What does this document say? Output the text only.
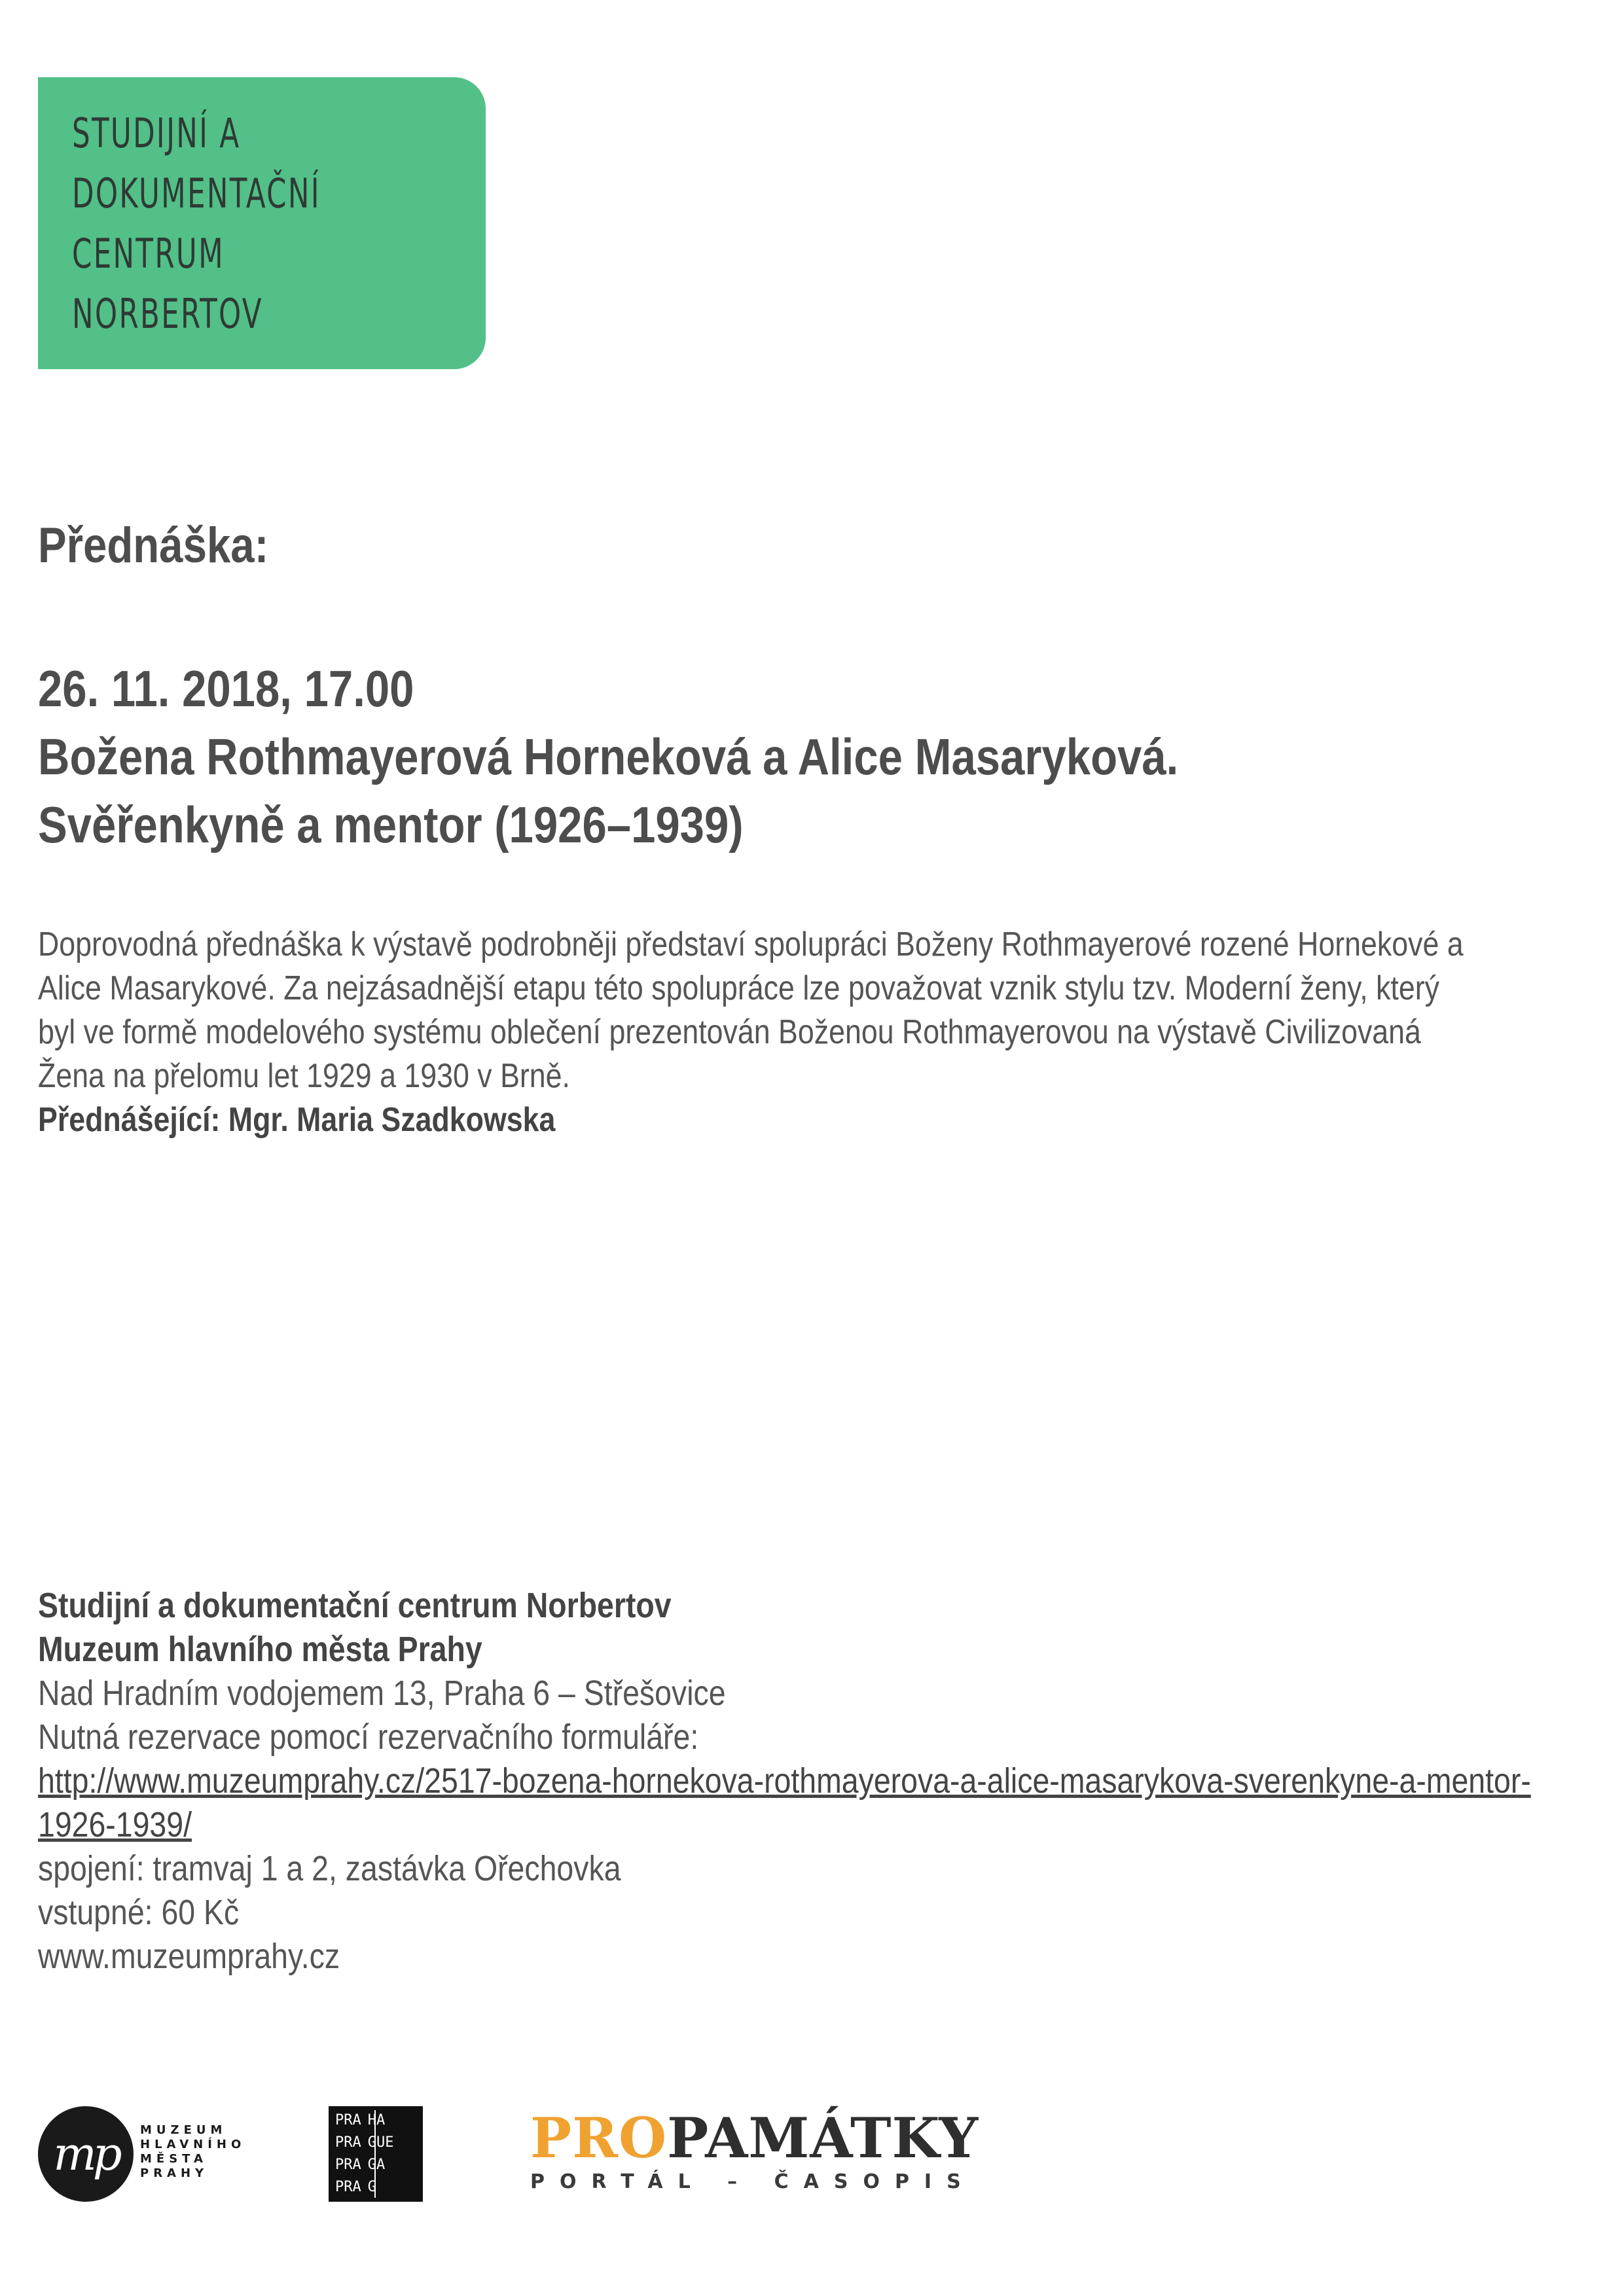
STUDIJNÍ A
DOKUMENTAČNÍ
CENTRUM
NORBERTOV
Přednáška:
26. 11. 2018, 17.00
Božena Rothmayerová Horneková a Alice Masaryková.
Svěřenkyně a mentor (1926–1939)
Doprovodná přednáška k výstavě podrobněji představí spolupráci Boženy Rothmayerové rozené Hornekové a
Alice Masarykové. Za nejzásadnější etapu této spolupráce lze považovat vznik stylu tzv. Moderní ženy, který
byl ve formě modelového systému oblečení prezentován Boženou Rothmayerovou na výstavě Civilizovaná
Žena na přelomu let 1929 a 1930 v Brně.
Přednášející: Mgr. Maria Szadkowska
Studijní a dokumentační centrum Norbertov
Muzeum hlavního města Prahy
Nad Hradním vodojemem 13, Praha 6 – Střešovice
Nutná rezervace pomocí rezervačního formuláře:
http://www.muzeumprahy.cz/2517-bozena-hornekova-rothmayerova-a-alice-masarykova-sverenkyne-a-mentor-
1926-1939/
spojení: tramvaj 1 a 2, zastávka Ořechovka
vstupné: 60 Kč
www.muzeumprahy.cz
mp	MUZEUM
HLAVNÍHO
MĚSTA
PRAHY
PRA HA
PRA GUE
PRA GA
PRA G
PROPAMÁTKY
PORTÁL – ČASOPIS
